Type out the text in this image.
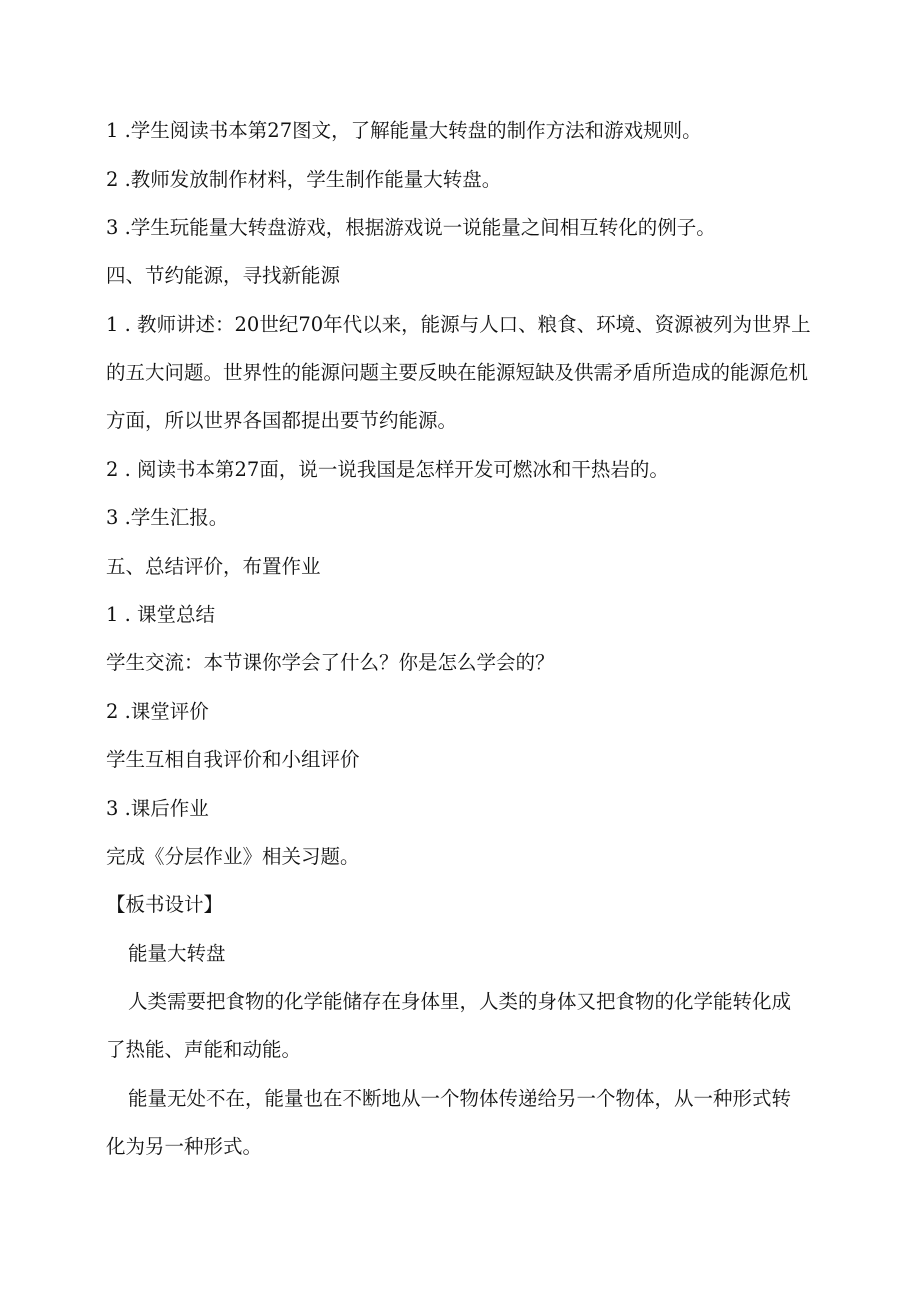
1 .学生阅读书本第27图文，了解能量大转盘的制作方法和游戏规则。
2 .教师发放制作材料，学生制作能量大转盘。
3 .学生玩能量大转盘游戏，根据游戏说一说能量之间相互转化的例子。
四、节约能源，寻找新能源
1 . 教师讲述：20世纪70年代以来，能源与人口、粮食、环境、资源被列为世界上
的五大问题。世界性的能源问题主要反映在能源短缺及供需矛盾所造成的能源危机
方面，所以世界各国都提出要节约能源。
2 . 阅读书本第27面，说一说我国是怎样开发可燃冰和干热岩的。
3 .学生汇报。
五、总结评价，布置作业
1 . 课堂总结
学生交流：本节课你学会了什么？你是怎么学会的？
2 .课堂评价
学生互相自我评价和小组评价
3 .课后作业
完成《分层作业》相关习题。
【板书设计】
能量大转盘
人类需要把食物的化学能储存在身体里，人类的身体又把食物的化学能转化成
了热能、声能和动能。
能量无处不在，能量也在不断地从一个物体传递给另一个物体，从一种形式转
化为另一种形式。
